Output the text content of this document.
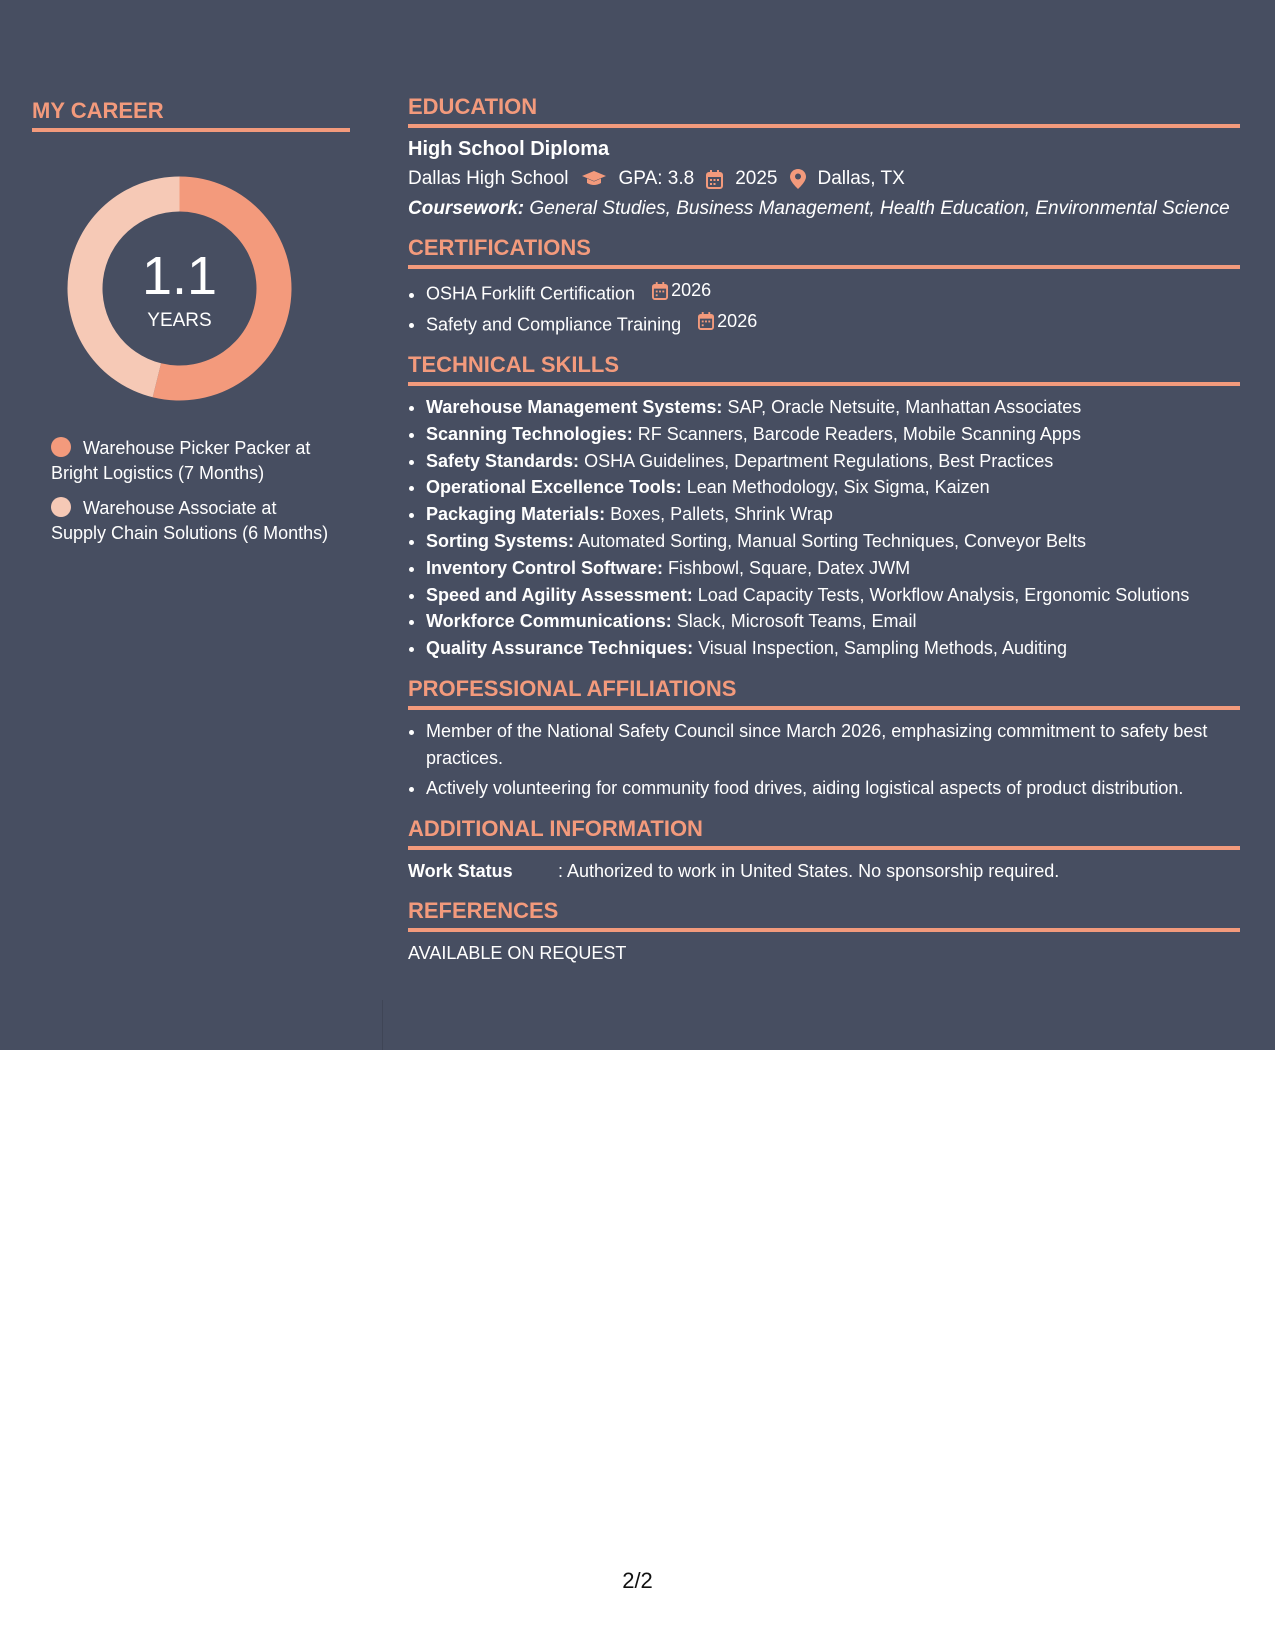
MY CAREER
1.1
YEARS
Warehouse Picker Packer at Bright Logistics (7 Months)
Warehouse Associate at Supply Chain Solutions (6 Months)
EDUCATION
High School Diploma
Dallas High School	GPA: 3.8 2025 Dallas, TX
Coursework: General Studies, Business Management, Health Education, Environmental Science
CERTIFICATIONS
• OSHA Forklift Certification 2026
• Safety and Compliance Training 2026
TECHNICAL SKILLS
• Warehouse Management Systems: SAP, Oracle Netsuite, Manhattan Associates
• Scanning Technologies: RF Scanners, Barcode Readers, Mobile Scanning Apps
• Safety Standards: OSHA Guidelines, Department Regulations, Best Practices
• Operational Excellence Tools: Lean Methodology, Six Sigma, Kaizen
• Packaging Materials: Boxes, Pallets, Shrink Wrap
• Sorting Systems: Automated Sorting, Manual Sorting Techniques, Conveyor Belts
• Inventory Control Software: Fishbowl, Square, Datex JWM
• Speed and Agility Assessment: Load Capacity Tests, Workflow Analysis, Ergonomic Solutions
• Workforce Communications: Slack, Microsoft Teams, Email
• Quality Assurance Techniques: Visual Inspection, Sampling Methods, Auditing
PROFESSIONAL AFFILIATIONS
• Member of the National Safety Council since March 2026, emphasizing commitment to safety best practices.
• Actively volunteering for community food drives, aiding logistical aspects of product distribution.
ADDITIONAL INFORMATION
Work Status	: Authorized to work in United States. No sponsorship required.
REFERENCES
AVAILABLE ON REQUEST
2/2
